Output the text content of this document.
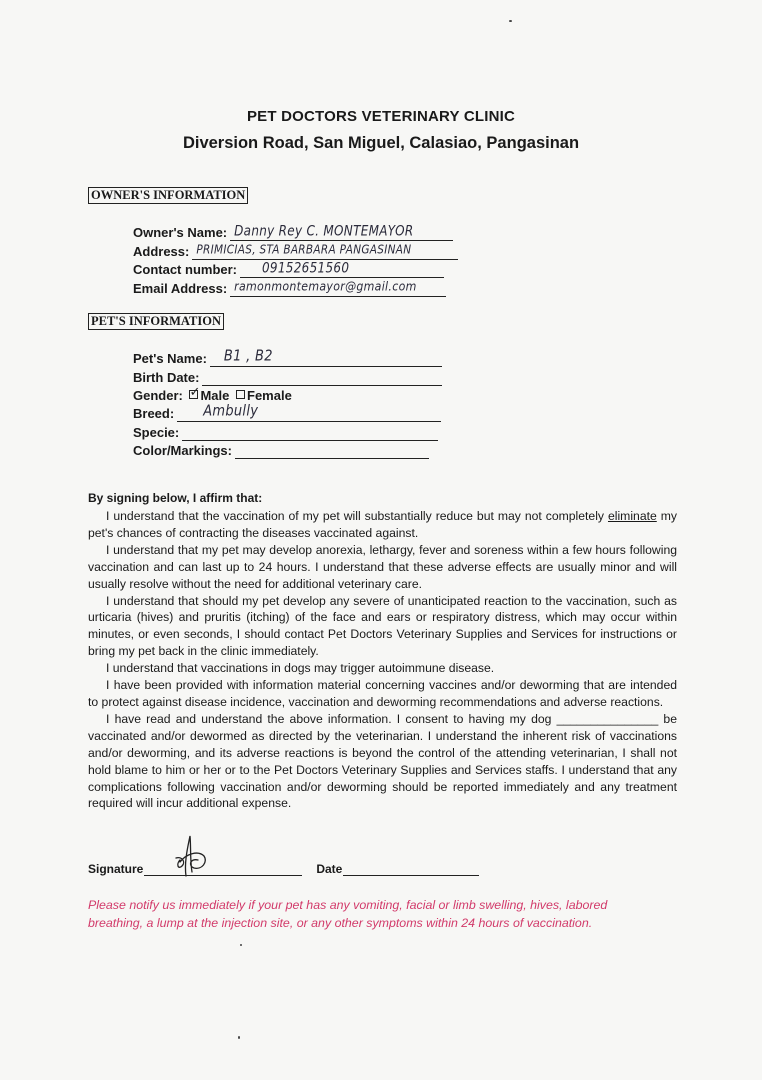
PET DOCTORS VETERINARY CLINIC
Diversion Road, San Miguel, Calasiao, Pangasinan
OWNER'S INFORMATION
Owner's Name: Danny Rey C. MONTEMAYOR
Address: PRIMICIAS, STA BARBARA PANGASINAN
Contact number: 09152651560
Email Address: ramonmontemayor@gmail.com
PET'S INFORMATION
Pet's Name: B1 , B2
Birth Date:
Gender: ✓ Male Female
Breed: Ambully
Specie:
Color/Markings:
By signing below, I affirm that:

I understand that the vaccination of my pet will substantially reduce but may not completely eliminate my pet's chances of contracting the diseases vaccinated against.

I understand that my pet may develop anorexia, lethargy, fever and soreness within a few hours following vaccination and can last up to 24 hours. I understand that these adverse effects are usually minor and will usually resolve without the need for additional veterinary care.

I understand that should my pet develop any severe of unanticipated reaction to the vaccination, such as urticaria (hives) and pruritis (itching) of the face and ears or respiratory distress, which may occur within minutes, or even seconds, I should contact Pet Doctors Veterinary Supplies and Services for instructions or bring my pet back in the clinic immediately.

I understand that vaccinations in dogs may trigger autoimmune disease.

I have been provided with information material concerning vaccines and/or deworming that are intended to protect against disease incidence, vaccination and deworming recommendations and adverse reactions.

I have read and understand the above information. I consent to having my dog _______________ be vaccinated and/or dewormed as directed by the veterinarian. I understand the inherent risk of vaccinations and/or deworming, and its adverse reactions is beyond the control of the attending veterinarian, I shall not hold blame to him or her or to the Pet Doctors Veterinary Supplies and Services staffs. I understand that any complications following vaccination and/or deworming should be reported immediately and any treatment required will incur additional expense.

Signature	Date
Please notify us immediately if your pet has any vomiting, facial or limb swelling, hives, labored breathing, a lump at the injection site, or any other symptoms within 24 hours of vaccination.
